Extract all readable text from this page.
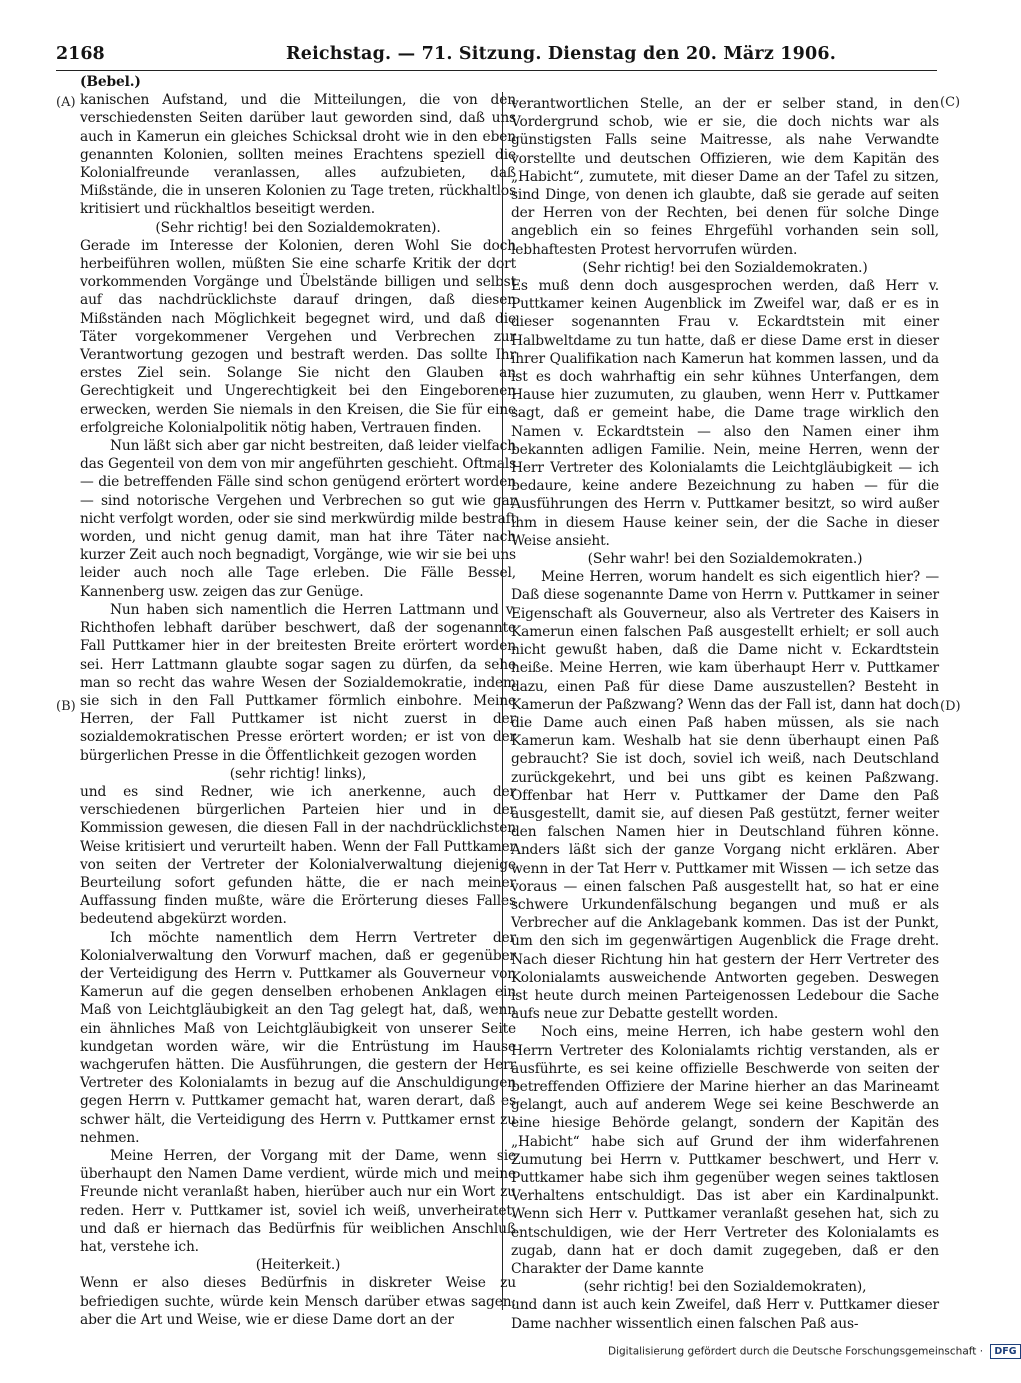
2168	Reichstag. — 71. Sitzung. Dienstag den 20. März 1906.
(A)
(B)
(C)
(D)

(Bebel.)

kanischen Aufstand, und die Mitteilungen, die von den verschiedensten Seiten darüber laut geworden sind, daß uns auch in Kamerun ein gleiches Schicksal droht wie in den eben genannten Kolonien, sollten meines Erachtens speziell die Kolonialfreunde veranlassen, alles aufzubieten, daß Mißstände, die in unseren Kolonien zu Tage treten, rückhaltlos kritisiert und rückhaltlos beseitigt werden.

(Sehr richtig! bei den Sozialdemokraten).

Gerade im Interesse der Kolonien, deren Wohl Sie doch herbeiführen wollen, müßten Sie eine scharfe Kritik der dort vorkommenden Vorgänge und Übelstände billigen und selbst auf das nachdrücklichste darauf dringen, daß diesen Mißständen nach Möglichkeit begegnet wird, und daß die Täter vorgekommener Vergehen und Verbrechen zur Verantwortung gezogen und bestraft werden. Das sollte Ihr erstes Ziel sein. Solange Sie nicht den Glauben an Gerechtigkeit und Ungerechtigkeit bei den Eingeborenen erwecken, werden Sie niemals in den Kreisen, die Sie für eine erfolgreiche Kolonialpolitik nötig haben, Vertrauen finden.

Nun läßt sich aber gar nicht bestreiten, daß leider vielfach das Gegenteil von dem von mir angeführten geschieht. Oftmals — die betreffenden Fälle sind schon genügend erörtert worden — sind notorische Vergehen und Verbrechen so gut wie gar nicht verfolgt worden, oder sie sind merkwürdig milde bestraft worden, und nicht genug damit, man hat ihre Täter nach kurzer Zeit auch noch begnadigt, Vorgänge, wie wir sie bei uns leider auch noch alle Tage erleben. Die Fälle Bessel, Kannenberg usw. zeigen das zur Genüge.

Nun haben sich namentlich die Herren Lattmann und v. Richthofen lebhaft darüber beschwert, daß der sogenannte Fall Puttkamer hier in der breitesten Breite erörtert worden sei. Herr Lattmann glaubte sogar sagen zu dürfen, da sehe man so recht das wahre Wesen der Sozialdemokratie, indem sie sich in den Fall Puttkamer förmlich einbohre. Meine Herren, der Fall Puttkamer ist nicht zuerst in der sozialdemokratischen Presse erörtert worden; er ist von der bürgerlichen Presse in die Öffentlichkeit gezogen worden

(sehr richtig! links),

und es sind Redner, wie ich anerkenne, auch der verschiedenen bürgerlichen Parteien hier und in der Kommission gewesen, die diesen Fall in der nachdrücklichsten Weise kritisiert und verurteilt haben. Wenn der Fall Puttkamer von seiten der Vertreter der Kolonialverwaltung diejenige Beurteilung sofort gefunden hätte, die er nach meiner Auffassung finden mußte, wäre die Erörterung dieses Falles bedeutend abgekürzt worden.

Ich möchte namentlich dem Herrn Vertreter der Kolonialverwaltung den Vorwurf machen, daß er gegenüber der Verteidigung des Herrn v. Puttkamer als Gouverneur von Kamerun auf die gegen denselben erhobenen Anklagen ein Maß von Leichtgläubigkeit an den Tag gelegt hat, daß, wenn ein ähnliches Maß von Leichtgläubigkeit von unserer Seite kundgetan worden wäre, wir die Entrüstung im Hause wachgerufen hätten. Die Ausführungen, die gestern der Herr Vertreter des Kolonialamts in bezug auf die Anschuldigungen gegen Herrn v. Puttkamer gemacht hat, waren derart, daß es schwer hält, die Verteidigung des Herrn v. Puttkamer ernst zu nehmen.

Meine Herren, der Vorgang mit der Dame, wenn sie überhaupt den Namen Dame verdient, würde mich und meine Freunde nicht veranlaßt haben, hierüber auch nur ein Wort zu reden. Herr v. Puttkamer ist, soviel ich weiß, unverheiratet, und daß er hiernach das Bedürfnis für weiblichen Anschluß hat, verstehe ich.

(Heiterkeit.)

Wenn er also dieses Bedürfnis in diskreter Weise zu befriedigen suchte, würde kein Mensch darüber etwas sagen; aber die Art und Weise, wie er diese Dame dort an der

verantwortlichen Stelle, an der er selber stand, in den Vordergrund schob, wie er sie, die doch nichts war als günstigsten Falls seine Maitresse, als nahe Verwandte vorstellte und deutschen Offizieren, wie dem Kapitän des „Habicht“, zumutete, mit dieser Dame an der Tafel zu sitzen, sind Dinge, von denen ich glaubte, daß sie gerade auf seiten der Herren von der Rechten, bei denen für solche Dinge angeblich ein so feines Ehrgefühl vorhanden sein soll, lebhaftesten Protest hervorrufen würden.

(Sehr richtig! bei den Sozialdemokraten.)

Es muß denn doch ausgesprochen werden, daß Herr v. Puttkamer keinen Augenblick im Zweifel war, daß er es in dieser sogenannten Frau v. Eckardtstein mit einer Halbweltdame zu tun hatte, daß er diese Dame erst in dieser ihrer Qualifikation nach Kamerun hat kommen lassen, und da ist es doch wahrhaftig ein sehr kühnes Unterfangen, dem Hause hier zuzumuten, zu glauben, wenn Herr v. Puttkamer sagt, daß er gemeint habe, die Dame trage wirklich den Namen v. Eckardtstein — also den Namen einer ihm bekannten adligen Familie. Nein, meine Herren, wenn der Herr Vertreter des Kolonialamts die Leichtgläubigkeit — ich bedaure, keine andere Bezeichnung zu haben — für die Ausführungen des Herrn v. Puttkamer besitzt, so wird außer ihm in diesem Hause keiner sein, der die Sache in dieser Weise ansieht.

(Sehr wahr! bei den Sozialdemokraten.)

Meine Herren, worum handelt es sich eigentlich hier? — Daß diese sogenannte Dame von Herrn v. Puttkamer in seiner Eigenschaft als Gouverneur, also als Vertreter des Kaisers in Kamerun einen falschen Paß ausgestellt erhielt; er soll auch nicht gewußt haben, daß die Dame nicht v. Eckardtstein heiße. Meine Herren, wie kam überhaupt Herr v. Puttkamer dazu, einen Paß für diese Dame auszustellen? Besteht in Kamerun der Paßzwang? Wenn das der Fall ist, dann hat doch die Dame auch einen Paß haben müssen, als sie nach Kamerun kam. Weshalb hat sie denn überhaupt einen Paß gebraucht? Sie ist doch, soviel ich weiß, nach Deutschland zurückgekehrt, und bei uns gibt es keinen Paßzwang. Offenbar hat Herr v. Puttkamer der Dame den Paß ausgestellt, damit sie, auf diesen Paß gestützt, ferner weiter den falschen Namen hier in Deutschland führen könne. Anders läßt sich der ganze Vorgang nicht erklären. Aber wenn in der Tat Herr v. Puttkamer mit Wissen — ich setze das voraus — einen falschen Paß ausgestellt hat, so hat er eine schwere Urkundenfälschung begangen und muß er als Verbrecher auf die Anklagebank kommen. Das ist der Punkt, um den sich im gegenwärtigen Augenblick die Frage dreht. Nach dieser Richtung hin hat gestern der Herr Vertreter des Kolonialamts ausweichende Antworten gegeben. Deswegen ist heute durch meinen Parteigenossen Ledebour die Sache aufs neue zur Debatte gestellt worden.

Noch eins, meine Herren, ich habe gestern wohl den Herrn Vertreter des Kolonialamts richtig verstanden, als er ausführte, es sei keine offizielle Beschwerde von seiten der betreffenden Offiziere der Marine hierher an das Marineamt gelangt, auch auf anderem Wege sei keine Beschwerde an eine hiesige Behörde gelangt, sondern der Kapitän des „Habicht“ habe sich auf Grund der ihm widerfahrenen Zumutung bei Herrn v. Puttkamer beschwert, und Herr v. Puttkamer habe sich ihm gegenüber wegen seines taktlosen Verhaltens entschuldigt. Das ist aber ein Kardinalpunkt. Wenn sich Herr v. Puttkamer veranlaßt gesehen hat, sich zu entschuldigen, wie der Herr Vertreter des Kolonialamts es zugab, dann hat er doch damit zugegeben, daß er den Charakter der Dame kannte

(sehr richtig! bei den Sozialdemokraten),

und dann ist auch kein Zweifel, daß Herr v. Puttkamer dieser Dame nachher wissentlich einen falschen Paß aus-

Digitalisierung gefördert durch die Deutsche Forschungsgemeinschaft · DFG
